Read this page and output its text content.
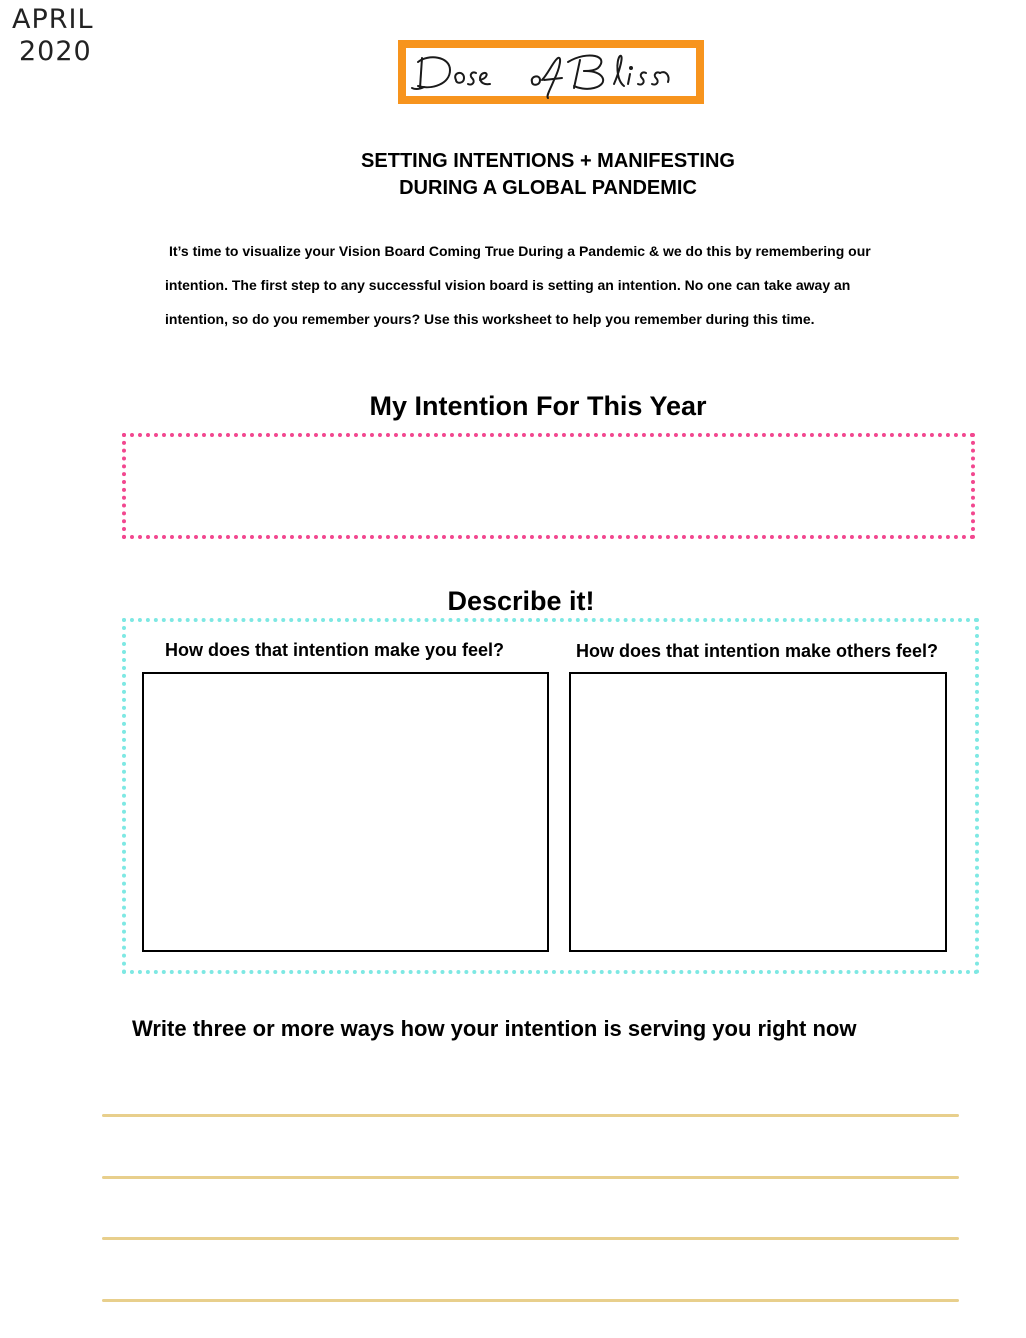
APRIL
2020
SETTING INTENTIONS + MANIFESTING
DURING A GLOBAL PANDEMIC

It’s time to visualize your Vision Board Coming True During a Pandemic & we do this by remembering our

intention. The first step to any successful vision board is setting an intention. No one can take away an

intention, so do you remember yours? Use this worksheet to help you remember during this time.

My Intention For This Year
Describe it!
How does that intention make you feel?	How does that intention make others feel?
Write three or more ways how your intention is serving you right now
